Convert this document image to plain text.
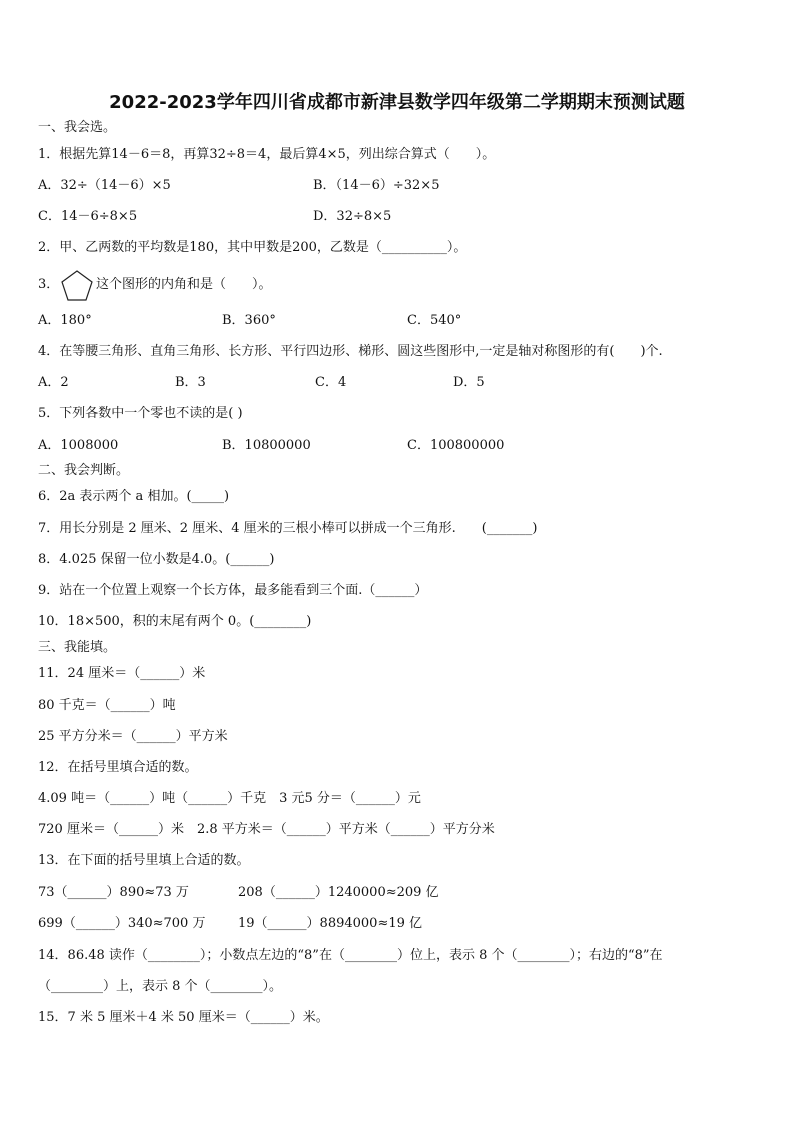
2022-2023学年四川省成都市新津县数学四年级第二学期期末预测试题
一、我会选。
1．根据先算14－6＝8，再算32÷8＝4，最后算4×5，列出综合算式（　　）。
A．32÷（14－6）×5	B．（14－6）÷32×5
C．14－6÷8×5	D．32÷8×5
2．甲、乙两数的平均数是180，其中甲数是200，乙数是（__________）。
3．	这个图形的内角和是（　　）。
A．180°	B．360°	C．540°
4．在等腰三角形、直角三角形、长方形、平行四边形、梯形、圆这些图形中,一定是轴对称图形的有(　　)个.
A．2	B．3	C．4	D．5
5．下列各数中一个零也不读的是( )
A．1008000	B．10800000	C．100800000
二、我会判断。
6．2a 表示两个 a 相加。(_____)
7．用长分别是 2 厘米、2 厘米、4 厘米的三根小棒可以拼成一个三角形.　　(_______)
8．4.025 保留一位小数是4.0。(______)
9．站在一个位置上观察一个长方体，最多能看到三个面.（______）
10．18×500，积的末尾有两个 0。(________)
三、我能填。
11．24 厘米＝（______）米
80 千克＝（______）吨
25 平方分米＝（______）平方米
12．在括号里填合适的数。
4.09 吨＝（______）吨（______）千克　3 元5 分＝（______）元
720 厘米＝（______）米　2.8 平方米＝（______）平方米（______）平方分米
13．在下面的括号里填上合适的数。
73（______）890≈73 万	208（______）1240000≈209 亿
699（______）340≈700 万	19（______）8894000≈19 亿
14．86.48 读作（________）；小数点左边的“8”在（________）位上，表示 8 个（________）；右边的“8”在
（________）上，表示 8 个（________）。
15．7 米 5 厘米＋4 米 50 厘米＝（______）米。
